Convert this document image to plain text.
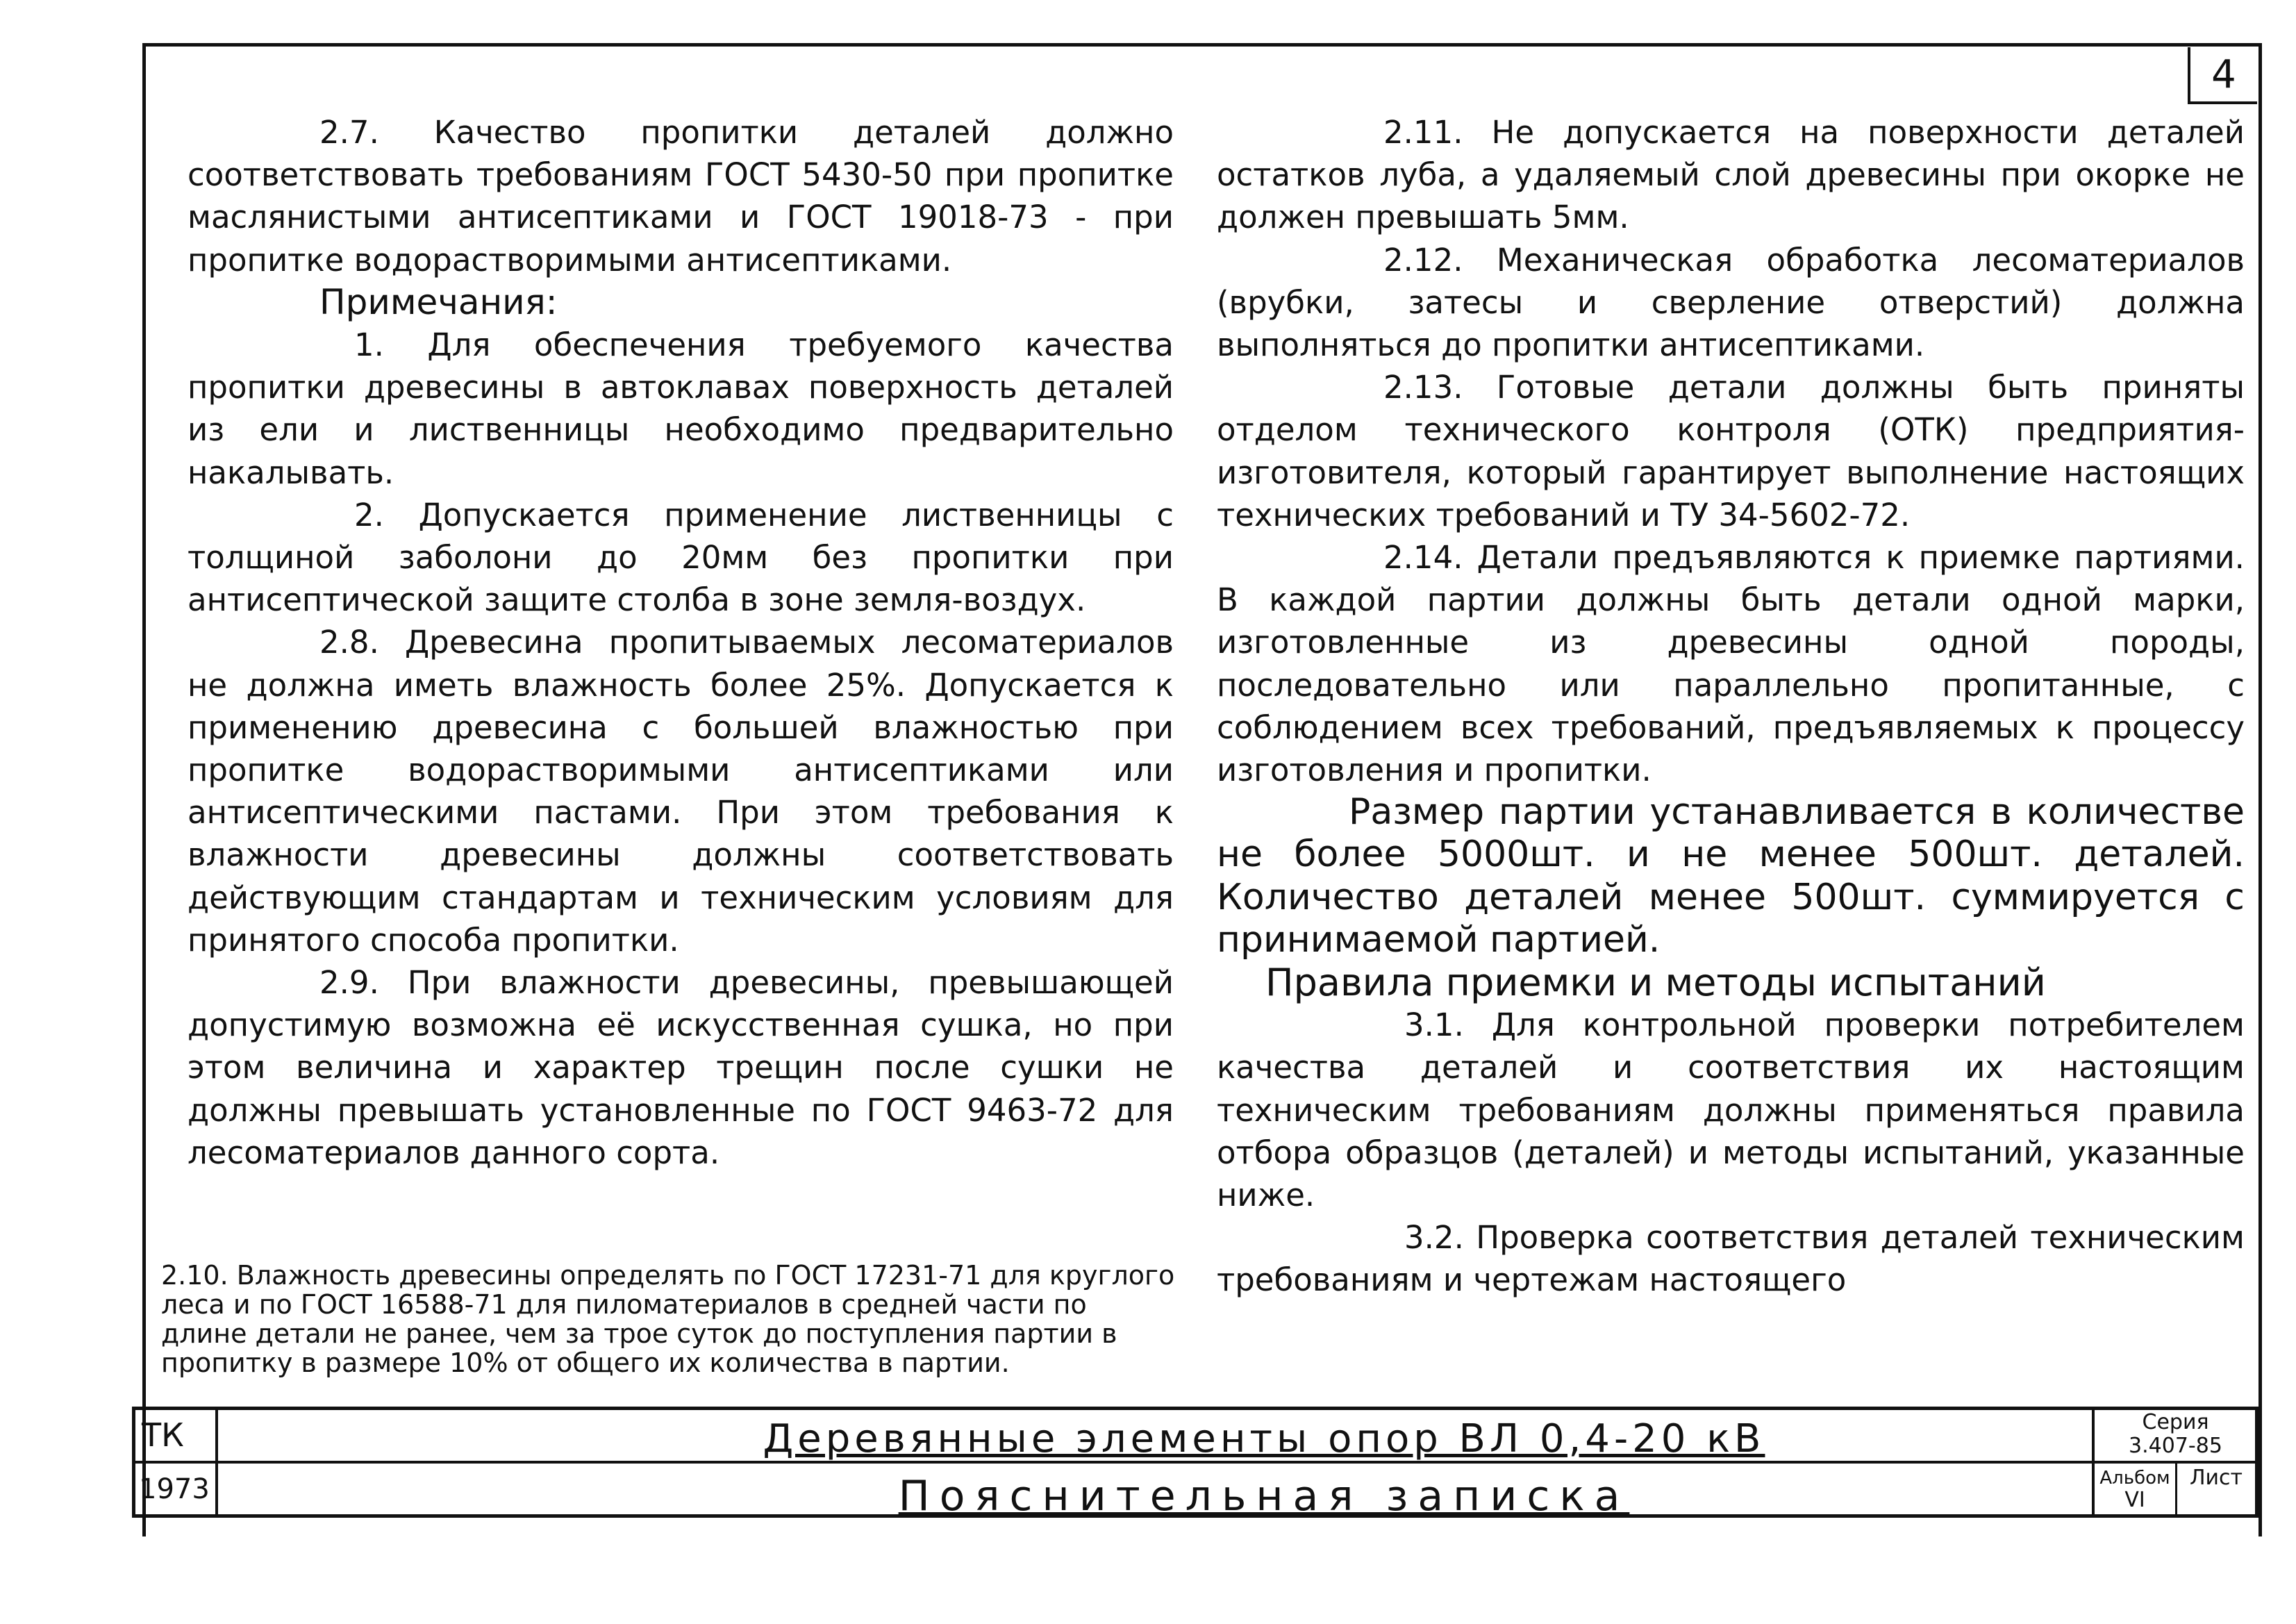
4

2.7. Качество пропитки деталей должно соответствовать требованиям ГОСТ 5430-50 при пропитке маслянистыми антисептиками и ГОСТ 19018-73 - при пропитке водорастворимыми антисептиками.

Примечания:

1. Для обеспечения требуемого качества пропитки древесины в автоклавах поверхность деталей из ели и лиственницы необходимо предварительно накалывать.

2. Допускается применение лиственницы с толщиной заболони до 20мм без пропитки при антисептической защите столба в зоне земля-воздух.

2.8. Древесина пропитываемых лесоматериалов не должна иметь влажность более 25%. Допускается к применению древесина с большей влажностью при пропитке водорастворимыми антисептиками или антисептическими пастами. При этом требования к влажности древесины должны соответствовать действующим стандартам и техническим условиям для принятого способа пропитки.

2.9. При влажности древесины, превышающей допустимую возможна её искусственная сушка, но при этом величина и характер трещин после сушки не должны превышать установленные по ГОСТ 9463-72 для лесоматериалов данного сорта.

2.10. Влажность древесины определять по ГОСТ 17231-71 для круглого леса и по ГОСТ 16588-71 для пиломатериалов в средней части по длине детали не ранее, чем за трое суток до поступления партии в пропитку в размере 10% от общего их количества в партии.

2.11. Не допускается на поверхности деталей остатков луба, а удаляемый слой древесины при окорке не должен превышать 5мм.

2.12. Механическая обработка лесоматериалов (врубки, затесы и сверление отверстий) должна выполняться до пропитки антисептиками.

2.13. Готовые детали должны быть приняты отделом технического контроля (ОТК) предприятия-изготовителя, который гарантирует выполнение настоящих технических требований и ТУ 34-5602-72.

2.14. Детали предъявляются к приемке партиями. В каждой партии должны быть детали одной марки, изготовленные из древесины одной породы, последовательно или параллельно пропитанные, с соблюдением всех требований, предъявляемых к процессу изготовления и пропитки.

Размер партии устанавливается в количестве не более 5000шт. и не менее 500шт. деталей. Количество деталей менее 500шт. суммируется с принимаемой партией.

Правила приемки и методы испытаний

3.1. Для контрольной проверки потребителем качества деталей и соответствия их настоящим техническим требованиям должны применяться правила отбора образцов (деталей) и методы испытаний, указанные ниже.

3.2. Проверка соответствия деталей техническим требованиям и чертежам настоящего

ТК
1973
Деревянные элементы опор ВЛ 0,4-20 кВ
Пояснительная записка
Серия
3.407-85
Альбом
VI
Лист
